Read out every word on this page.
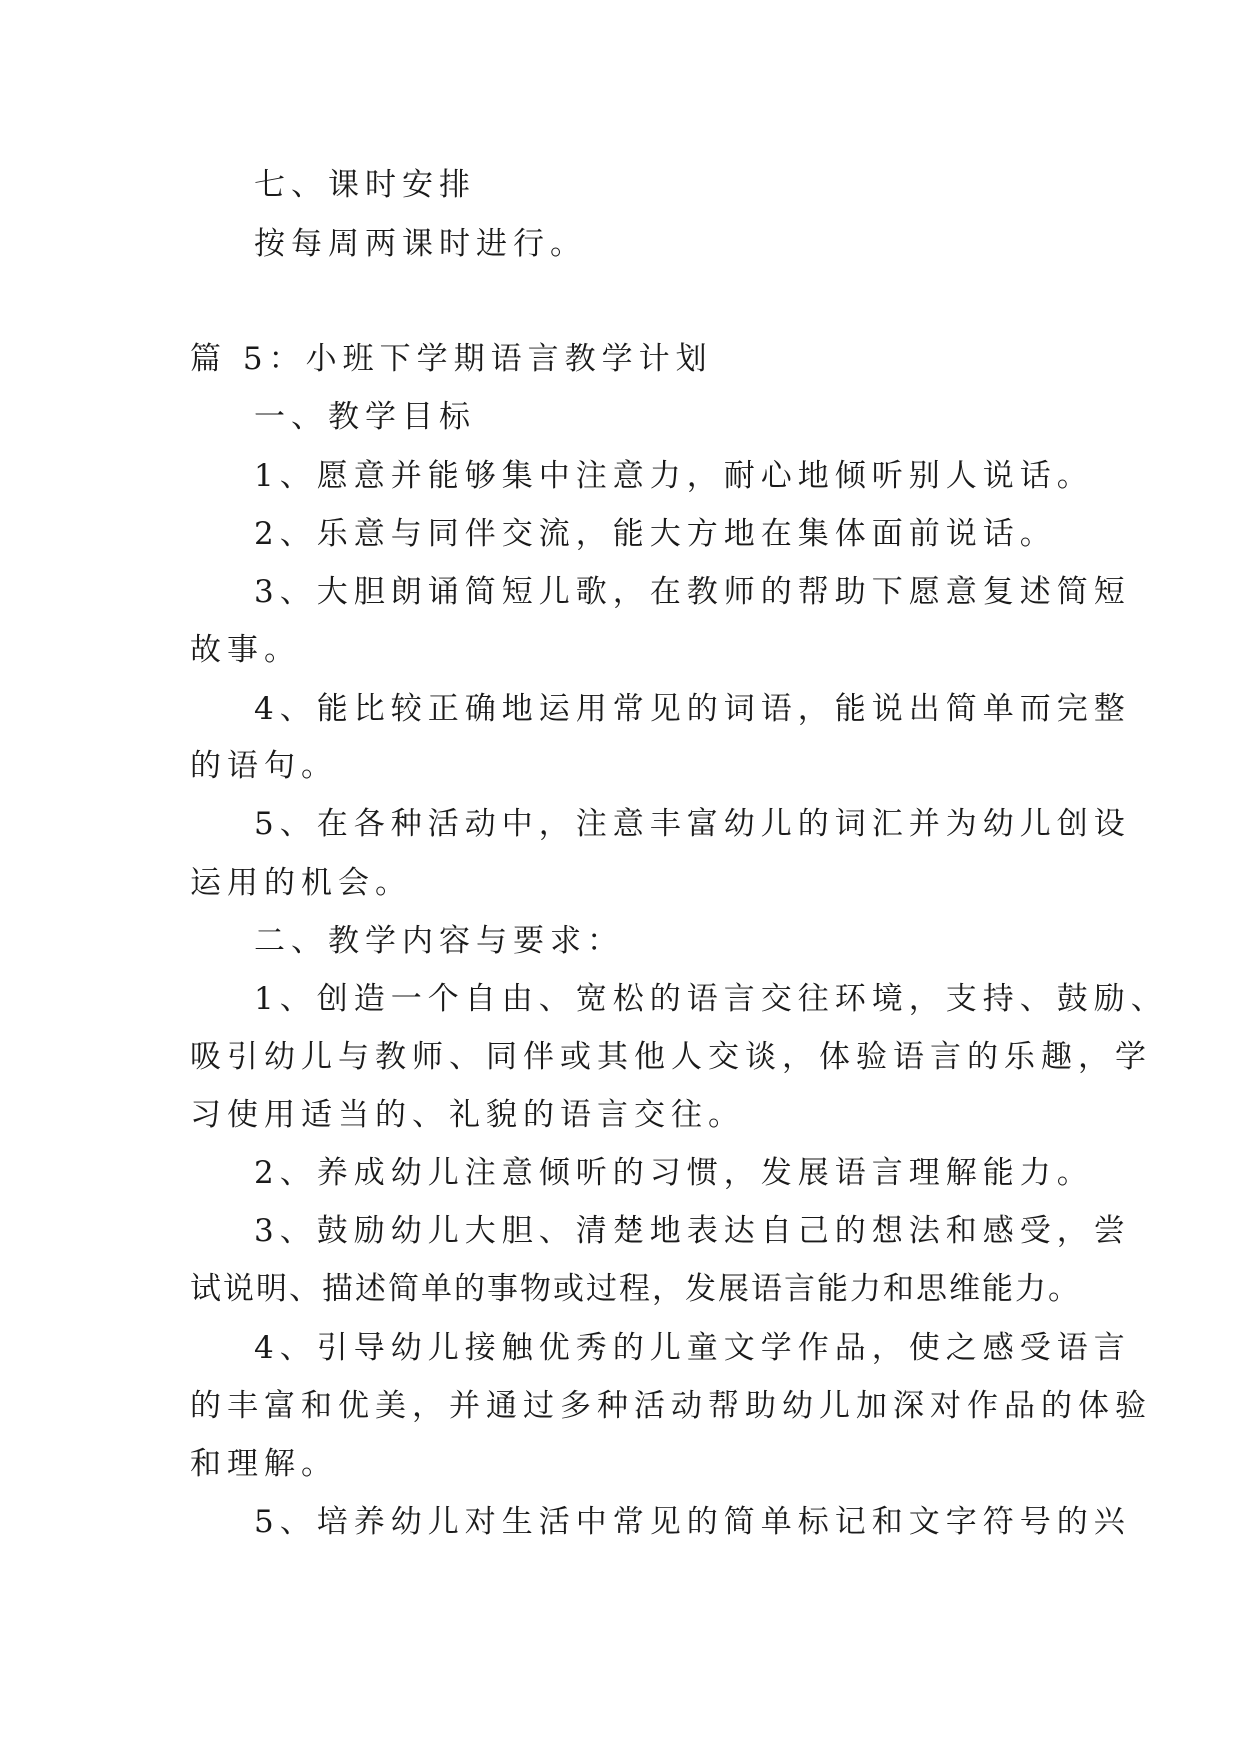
七、课时安排
按每周两课时进行。
篇 5：小班下学期语言教学计划
一、教学目标
1、愿意并能够集中注意力，耐心地倾听别人说话。
2、乐意与同伴交流，能大方地在集体面前说话。
3、大胆朗诵简短儿歌，在教师的帮助下愿意复述简短
故事。
4、能比较正确地运用常见的词语，能说出简单而完整
的语句。
5、在各种活动中，注意丰富幼儿的词汇并为幼儿创设
运用的机会。
二、教学内容与要求：
1、创造一个自由、宽松的语言交往环境，支持、鼓励、
吸引幼儿与教师、同伴或其他人交谈，体验语言的乐趣，学
习使用适当的、礼貌的语言交往。
2、养成幼儿注意倾听的习惯，发展语言理解能力。
3、鼓励幼儿大胆、清楚地表达自己的想法和感受，尝
试说明、描述简单的事物或过程，发展语言能力和思维能力。
4、引导幼儿接触优秀的儿童文学作品，使之感受语言
的丰富和优美，并通过多种活动帮助幼儿加深对作品的体验
和理解。
5、培养幼儿对生活中常见的简单标记和文字符号的兴
